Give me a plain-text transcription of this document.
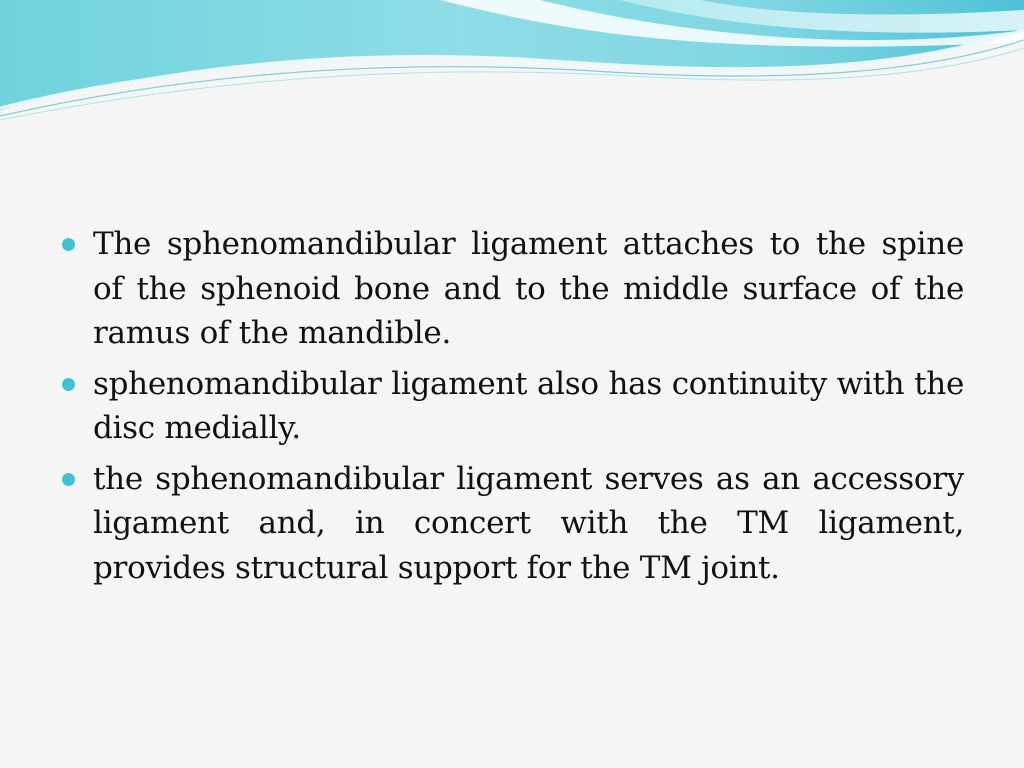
The sphenomandibular ligament attaches to the spine of the sphenoid bone and to the middle surface of the ramus of the mandible.
sphenomandibular ligament also has continuity with the disc medially.
the sphenomandibular ligament serves as an accessory ligament and, in concert with the TM ligament, provides structural support for the TM joint.
